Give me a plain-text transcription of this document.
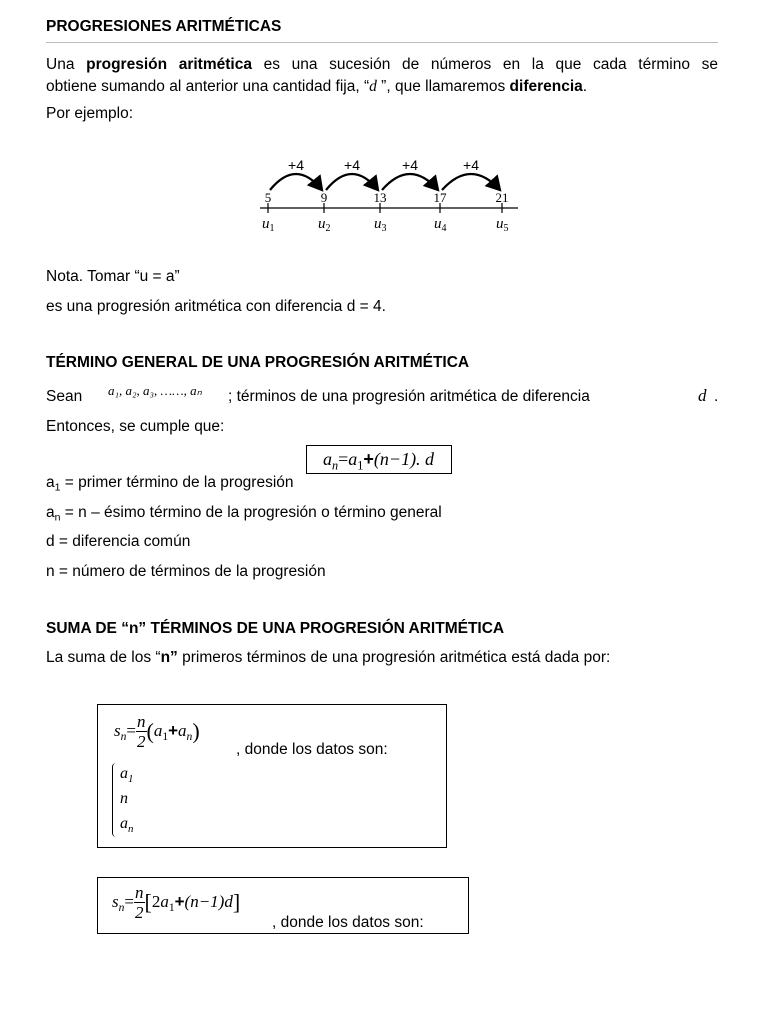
PROGRESIONES ARITMÉTICAS
Una progresión aritmética es una sucesión de números en la que cada término se
obtiene sumando al anterior una cantidad fija, “d ”, que llamaremos diferencia.
Por ejemplo:
5
$u_1$
9
$u_2$
13
$u_3$
17
$u_4$
21
$u_5$
+4	+4	+4	+4
Nota. Tomar “u = a”
es una progresión aritmética con diferencia d = 4.
TÉRMINO GENERAL DE UNA PROGRESIÓN ARITMÉTICA
Sean a₁, a₂, a₃, ……, aₙ ; términos de una progresión aritmética de diferencia	d .
Entonces, se cumple que:
$a_n=a_1+(n-1)$. d
$a_1$ = primer término de la progresión
$a_n = n$ – ésimo término de la progresión o término general
d = diferencia común
n = número de términos de la progresión
SUMA DE “n” TÉRMINOS DE UNA PROGRESIÓN ARITMÉTICA
La suma de los “n” primeros términos de una progresión aritmética está dada por:
$s_n= \frac{n}{2} (a_1+a_n)$
, donde los datos son:
$a_1$
n
$a_n$
$s_n= \frac{n}{2} [2a_1+(n-1)d]$
, donde los datos son:
